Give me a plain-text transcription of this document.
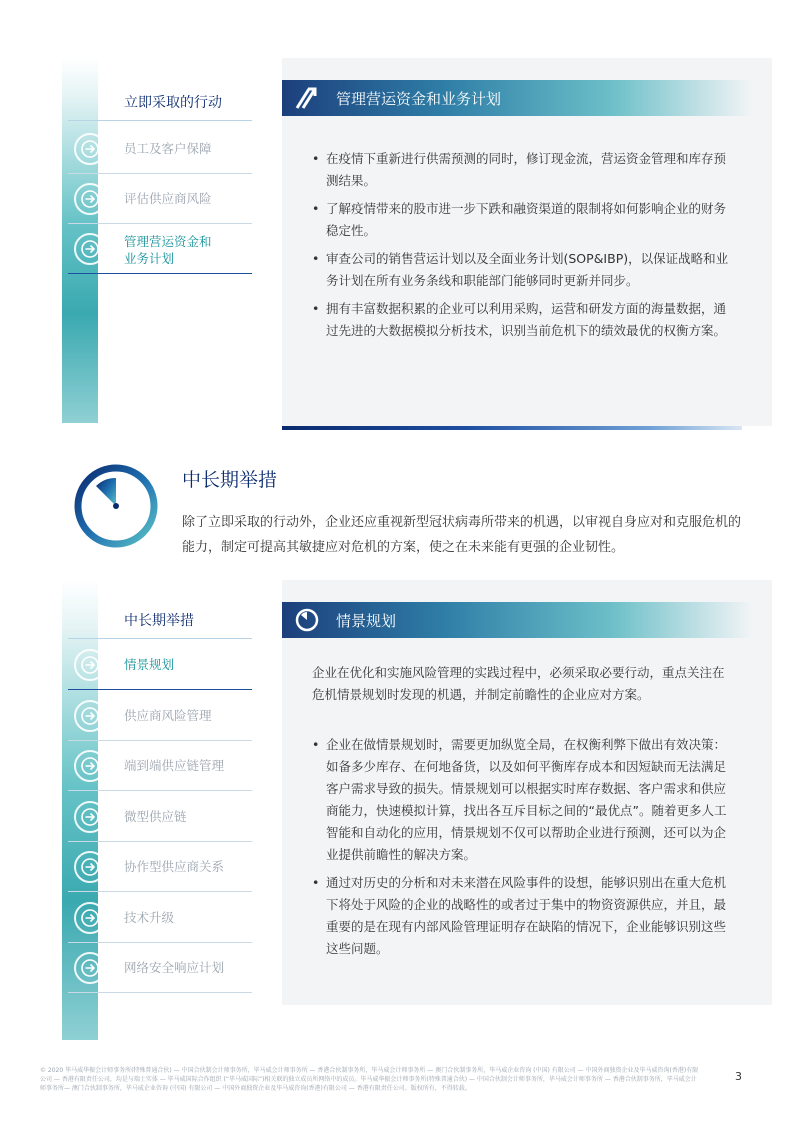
立即采取的行动
员工及客户保障
评估供应商风险
管理营运资金和
业务计划
管理营运资金和业务计划
• 在疫情下重新进行供需预测的同时，修订现金流，营运资金管理和库存预测结果。
• 了解疫情带来的股市进一步下跌和融资渠道的限制将如何影响企业的财务稳定性。
• 审查公司的销售营运计划以及全面业务计划(SOP&IBP)，以保证战略和业务计划在所有业务条线和职能部门能够同时更新并同步。
• 拥有丰富数据积累的企业可以利用采购，运营和研发方面的海量数据，通过先进的大数据模拟分析技术，识别当前危机下的绩效最优的权衡方案。
中长期举措
除了立即采取的行动外，企业还应重视新型冠状病毒所带来的机遇，以审视自身应对和克服危机的能力，制定可提高其敏捷应对危机的方案，使之在未来能有更强的企业韧性。
中长期举措
情景规划
供应商风险管理
端到端供应链管理
微型供应链
协作型供应商关系
技术升级
网络安全响应计划
情景规划
企业在优化和实施风险管理的实践过程中，必须采取必要行动，重点关注在危机情景规划时发现的机遇，并制定前瞻性的企业应对方案。
• 企业在做情景规划时，需要更加纵览全局，在权衡利弊下做出有效决策：如备多少库存、在何地备货，以及如何平衡库存成本和因短缺而无法满足客户需求导致的损失。情景规划可以根据实时库存数据、客户需求和供应商能力，快速模拟计算，找出各互斥目标之间的“最优点”。随着更多人工智能和自动化的应用，情景规划不仅可以帮助企业进行预测，还可以为企业提供前瞻性的解决方案。
• 通过对历史的分析和对未来潜在风险事件的设想，能够识别出在重大危机下将处于风险的企业的战略性的或者过于集中的物资资源供应，并且，最重要的是在现有内部风险管理证明存在缺陷的情况下，企业能够识别这些这些问题。
© 2020 毕马威华振会计师事务所(特殊普通合伙) — 中国合伙制会计师事务所，毕马威会计师事务所 — 香港合伙制事务所，毕马威会计师事务所 — 澳门合伙制事务所，毕马威企业咨询 (中国) 有限公司 — 中国外商独资企业及毕马威咨询(香港)有限公司 — 香港有限责任公司，均是与瑞士实体 — 毕马威国际合作组织 (“毕马威国际”)相关联的独立成员所网络中的成员。毕马威华振会计师事务所(特殊普通合伙) — 中国合伙制会计师事务所，毕马威会计师事务所 — 香港合伙制事务所，毕马威会计师事务所— 澳门合伙制事务所，毕马威企业咨询 (中国) 有限公司 — 中国外商独资企业及毕马威咨询(香港)有限公司 — 香港有限责任公司。版权所有，不得转载。
3
